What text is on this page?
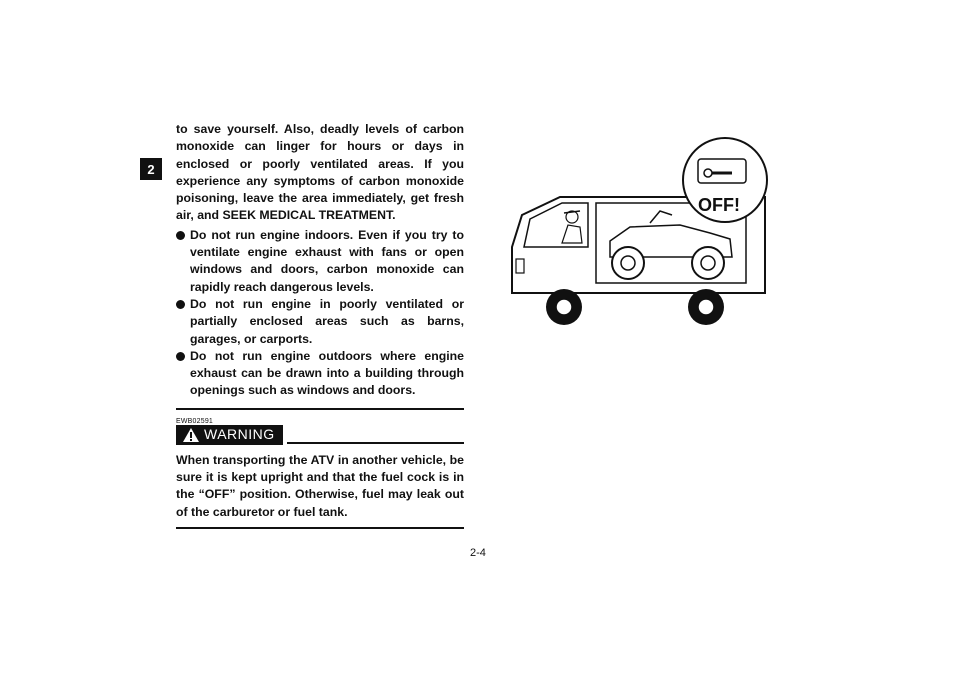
2

to save yourself. Also, deadly levels of carbon monoxide can linger for hours or days in enclosed or poorly ventilated areas. If you experience any symptoms of carbon monoxide poisoning, leave the area immediately, get fresh air, and SEEK MEDICAL TREATMENT.

Do not run engine indoors. Even if you try to ventilate engine exhaust with fans or open windows and doors, carbon monoxide can rapidly reach dangerous levels.
Do not run engine in poorly ventilated or partially enclosed areas such as barns, garages, or carports.
Do not run engine outdoors where engine exhaust can be drawn into a building through openings such as windows and doors.
EWB02591
WARNING

When transporting the ATV in another vehicle, be sure it is kept upright and that the fuel cock is in the “OFF” position. Otherwise, fuel may leak out of the carburetor or fuel tank.

OFF!
2-4
